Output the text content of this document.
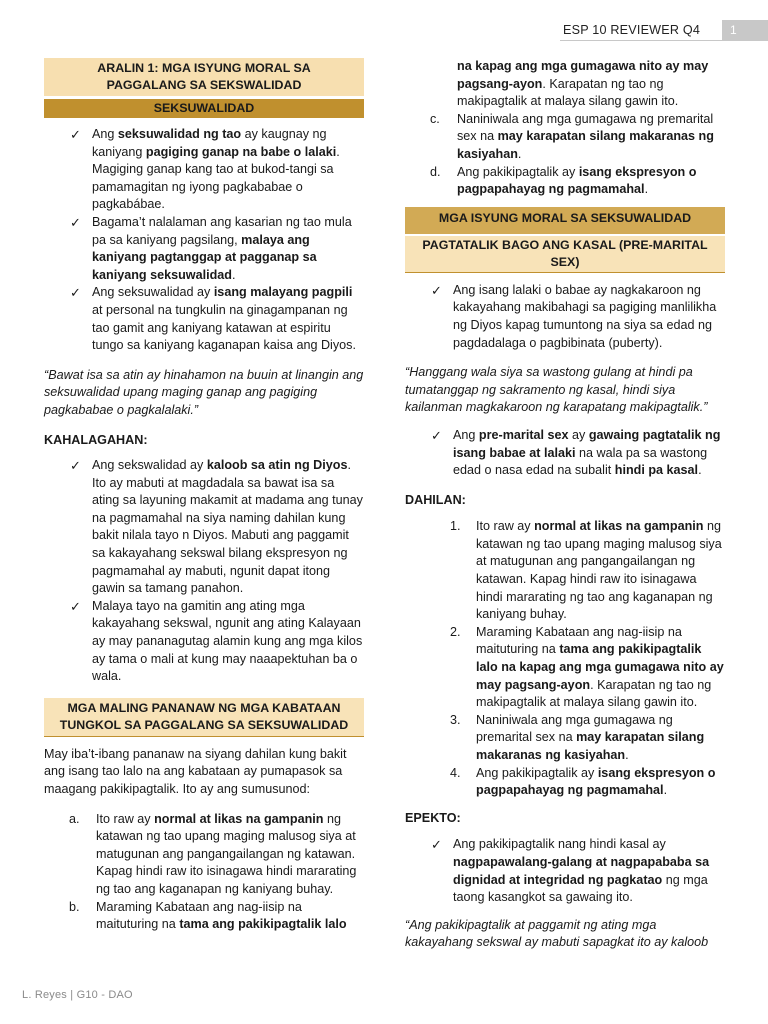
ESP 10 REVIEWER Q4	1
ARALIN 1: MGA ISYUNG MORAL SA PAGGALANG SA SEKSWALIDAD
SEKSUWALIDAD
✓ Ang seksuwalidad ng tao ay kaugnay ng kaniyang pagiging ganap na babe o lalaki. Magiging ganap kang tao at bukod-tangi sa pamamagitan ng iyong pagkababae o pagkabábae.
✓ Bagama’t nalalaman ang kasarian ng tao mula pa sa kaniyang pagsilang, malaya ang kaniyang pagtanggap at pagganap sa kaniyang seksuwalidad.
✓ Ang seksuwalidad ay isang malayang pagpili at personal na tungkulin na ginagampanan ng tao gamit ang kaniyang katawan at espiritu tungo sa kaniyang kaganapan kaisa ang Diyos.

“Bawat isa sa atin ay hinahamon na buuin at linangin ang seksuwalidad upang maging ganap ang pagiging pagkababae o pagkalalaki.”

KAHALAGAHAN:

✓ Ang sekswalidad ay kaloob sa atin ng Diyos. Ito ay mabuti at magdadala sa bawat isa sa ating sa layuning makamit at madama ang tunay na pagmamahal na siya naming dahilan kung bakit nilala tayo n Diyos. Mabuti ang paggamit sa kakayahang sekswal bilang ekspresyon ng pagmamahal ay mabuti, ngunit dapat itong gawin sa tamang panahon.
✓ Malaya tayo na gamitin ang ating mga kakayahang sekswal, ngunit ang ating Kalayaan ay may pananagutag alamin kung ang mga kilos ay tama o mali at kung may naaapektuhan ba o wala.
MGA MALING PANANAW NG MGA KABATAAN TUNGKOL SA PAGGALANG SA SEKSUWALIDAD

May iba’t-ibang pananaw na siyang dahilan kung bakit ang isang tao lalo na ang kabataan ay pumapasok sa maagang pakikipagtalik. Ito ay ang sumusunod:

a. Ito raw ay normal at likas na gampanin ng katawan ng tao upang maging malusog siya at matugunan ang pangangailangan ng katawan. Kapag hindi raw ito isinagawa hindi mararating ng tao ang kaganapan ng kaniyang buhay.
b. Maraming Kabataan ang nag-iisip na maituturing na tama ang pakikipagtalik lalo
na kapag ang mga gumagawa nito ay may pagsang-ayon. Karapatan ng tao ng makipagtalik at malaya silang gawin ito.
c. Naniniwala ang mga gumagawa ng premarital sex na may karapatan silang makaranas ng kasiyahan.
d. Ang pakikipagtalik ay isang ekspresyon o pagpapahayag ng pagmamahal.
MGA ISYUNG MORAL SA SEKSUWALIDAD
PAGTATALIK BAGO ANG KASAL (PRE-MARITAL SEX)
✓ Ang isang lalaki o babae ay nagkakaroon ng kakayahang makibahagi sa pagiging manlilikha ng Diyos kapag tumuntong na siya sa edad ng pagdadalaga o pagbibinata (puberty).

“Hanggang wala siya sa wastong gulang at hindi pa tumatanggap ng sakramento ng kasal, hindi siya kailanman magkakaroon ng karapatang makipagtalik.”

✓ Ang pre-marital sex ay gawaing pagtatalik ng isang babae at lalaki na wala pa sa wastong edad o nasa edad na subalit hindi pa kasal.

DAHILAN:

1. Ito raw ay normal at likas na gampanin ng katawan ng tao upang maging malusog siya at matugunan ang pangangailangan ng katawan. Kapag hindi raw ito isinagawa hindi mararating ng tao ang kaganapan ng kaniyang buhay.
2. Maraming Kabataan ang nag-iisip na maituturing na tama ang pakikipagtalik lalo na kapag ang mga gumagawa nito ay may pagsang-ayon. Karapatan ng tao ng makipagtalik at malaya silang gawin ito.
3. Naniniwala ang mga gumagawa ng premarital sex na may karapatan silang makaranas ng kasiyahan.
4. Ang pakikipagtalik ay isang ekspresyon o pagpapahayag ng pagmamahal.

EPEKTO:

✓ Ang pakikipagtalik nang hindi kasal ay nagpapawalang-galang at nagpapababa sa dignidad at integridad ng pagkatao ng mga taong kasangkot sa gawaing ito.

“Ang pakikipagtalik at paggamit ng ating mga kakayahang sekswal ay mabuti sapagkat ito ay kaloob

L. Reyes | G10 - DAO
